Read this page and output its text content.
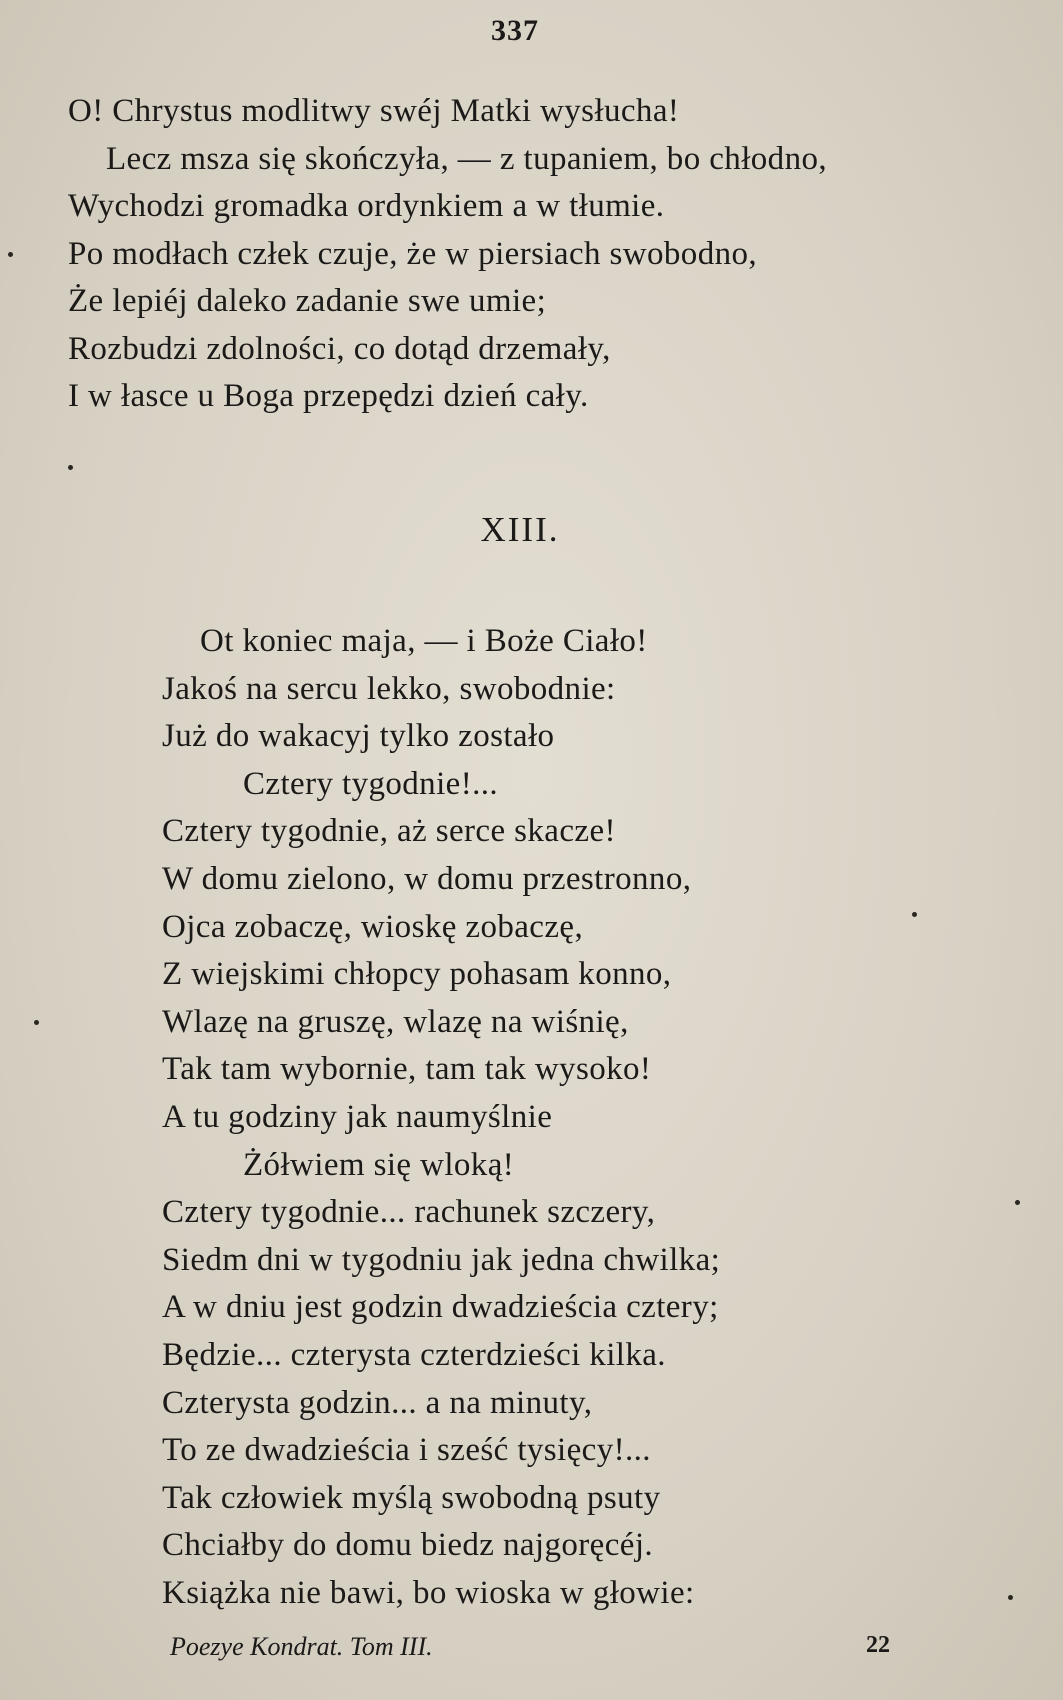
337
O! Chrystus modlitwy swéj Matki wysłucha!
Lecz msza się skończyła, — z tupaniem, bo chłodno,
Wychodzi gromadka ordynkiem a w tłumie.
Po modłach człek czuje, że w piersiach swobodno,
Że lepiéj daleko zadanie swe umie;
Rozbudzi zdolności, co dotąd drzemały,
I w łasce u Boga przepędzi dzień cały.
XIII.
Ot koniec maja, — i Boże Ciało!
Jakoś na sercu lekko, swobodnie:
Już do wakacyj tylko zostało
Cztery tygodnie!...
Cztery tygodnie, aż serce skacze!
W domu zielono, w domu przestronno,
Ojca zobaczę, wioskę zobaczę,
Z wiejskimi chłopcy pohasam konno,
Wlazę na gruszę, wlazę na wiśnię,
Tak tam wybornie, tam tak wysoko!
A tu godziny jak naumyślnie
Żółwiem się wloką!
Cztery tygodnie... rachunek szczery,
Siedm dni w tygodniu jak jedna chwilka;
A w dniu jest godzin dwadzieścia cztery;
Będzie... czterysta czterdzieści kilka.
Czterysta godzin... a na minuty,
To ze dwadzieścia i sześć tysięcy!...
Tak człowiek myślą swobodną psuty
Chciałby do domu biedz najgoręcéj.
Książka nie bawi, bo wioska w głowie:
Poezye Kondrat. Tom III.	22
